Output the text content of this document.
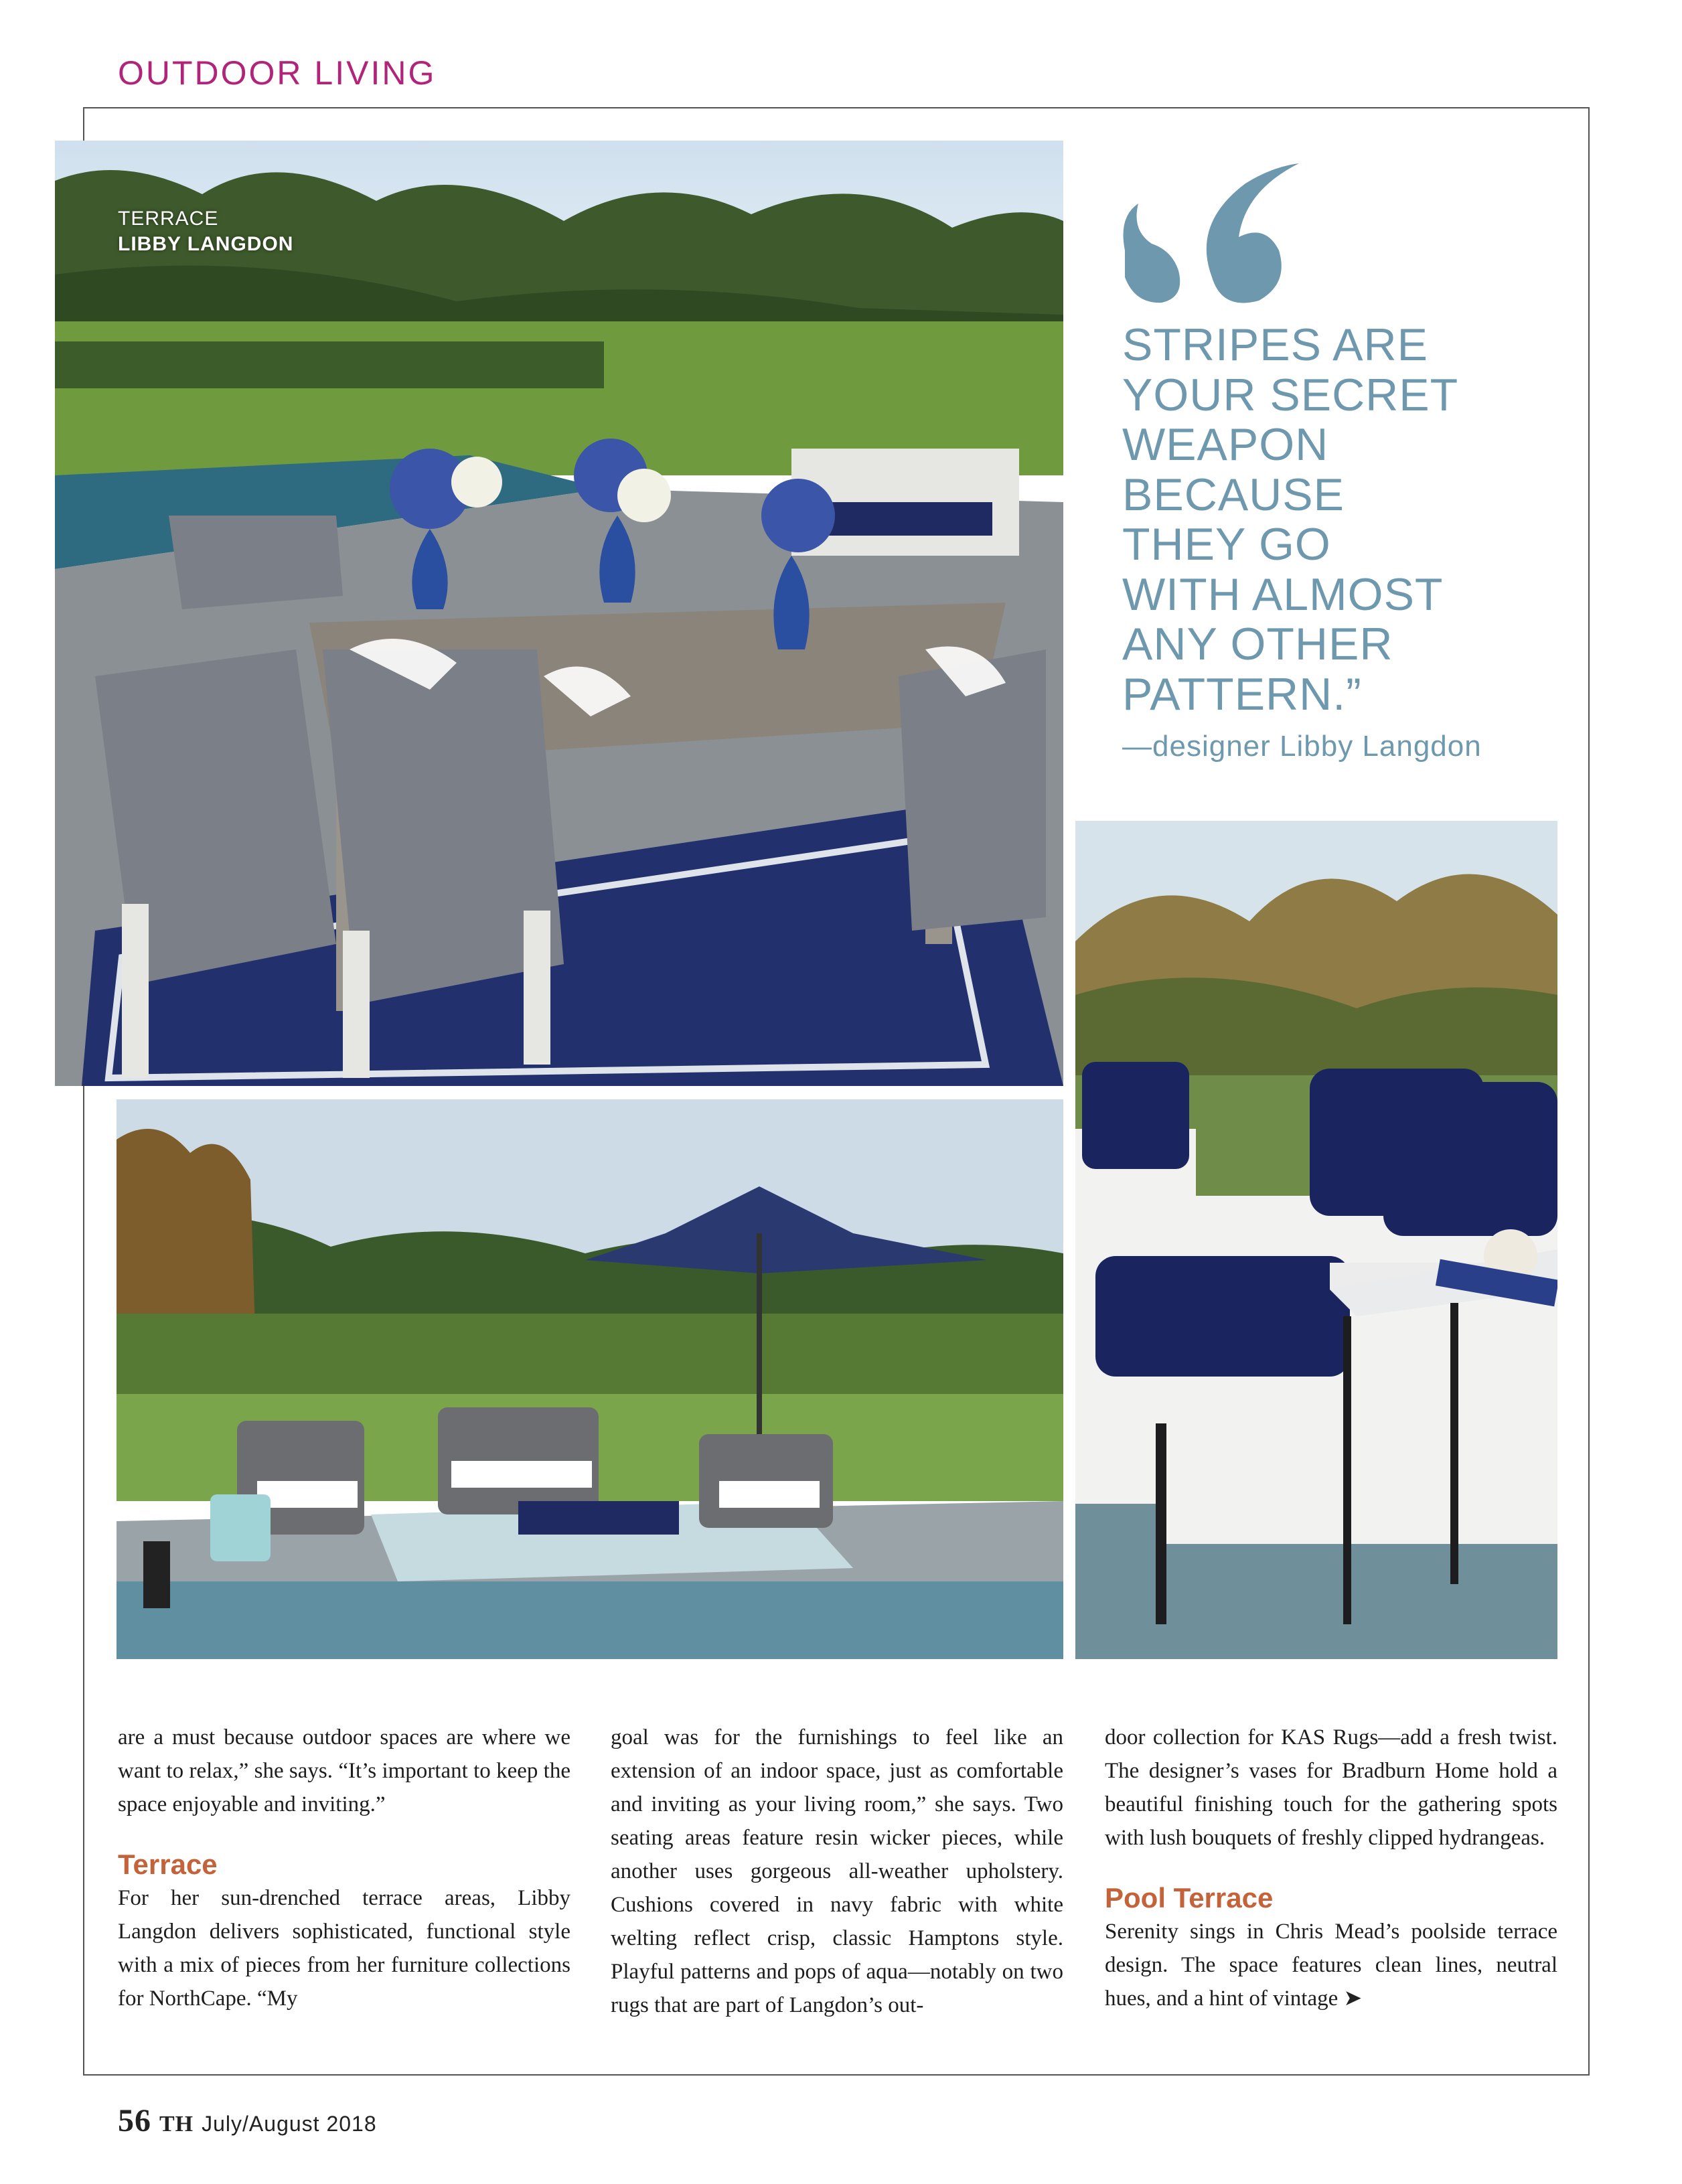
OUTDOOR LIVING
TERRACE
LIBBY LANGDON
STRIPES ARE
YOUR SECRET
WEAPON
BECAUSE
THEY GO
WITH ALMOST
ANY OTHER
PATTERN.”
—designer Libby Langdon

are a must because outdoor spaces are where we want to relax,” she says. “It’s important to keep the space enjoyable and inviting.”

Terrace

For her sun-drenched terrace areas, Libby Langdon delivers sophisticated, functional style with a mix of pieces from her furniture collections for NorthCape. “My

goal was for the furnishings to feel like an extension of an indoor space, just as comfortable and inviting as your living room,” she says. Two seating areas feature resin wicker pieces, while another uses gorgeous all-weather upholstery. Cushions covered in navy fabric with white welting reflect crisp, classic Hamptons style. Playful patterns and pops of aqua—notably on two rugs that are part of Langdon’s out-

door collection for KAS Rugs—add a fresh twist. The designer’s vases for Bradburn Home hold a beautiful finishing touch for the gathering spots with lush bouquets of freshly clipped hydrangeas.

Pool Terrace

Serenity sings in Chris Mead’s poolside terrace design. The space features clean lines, neutral hues, and a hint of vintage ➤

56 TH July/August 2018
